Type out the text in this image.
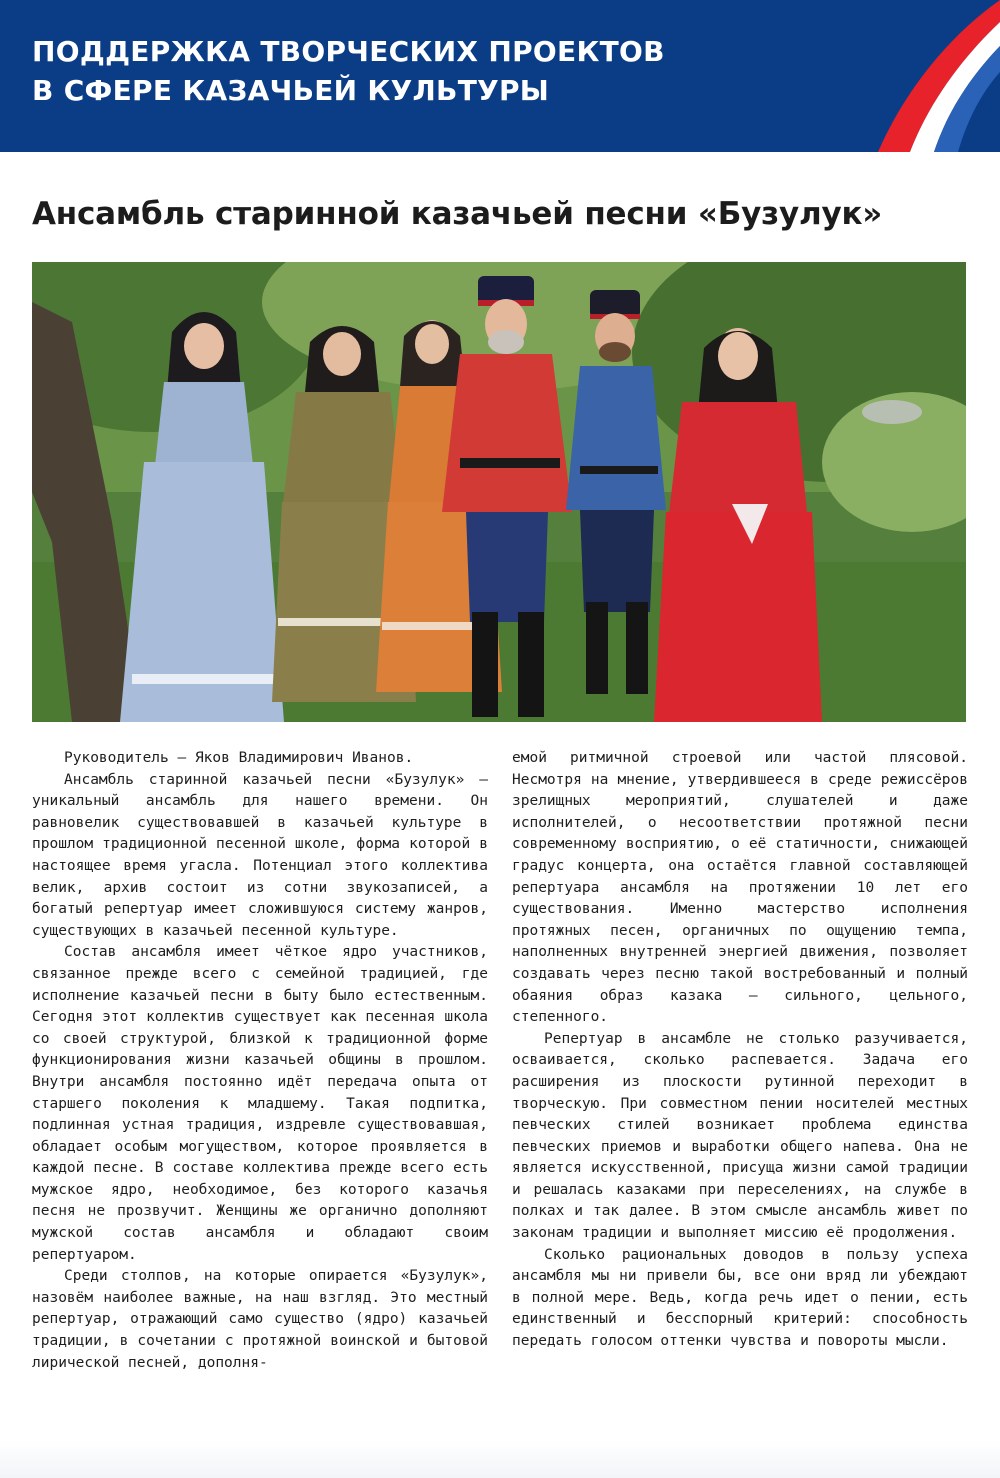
ПОДДЕРЖКА ТВОРЧЕСКИХ ПРОЕКТОВ
В СФЕРЕ КАЗАЧЬЕЙ КУЛЬТУРЫ
Ансамбль старинной казачьей песни «Бузулук»

Руководитель — Яков Владимирович Иванов.

Ансамбль старинной казачьей песни «Бузулук» — уникальный ансамбль для нашего времени. Он равновелик существовавшей в казачьей культуре в прошлом традиционной песенной школе, форма которой в настоящее время угасла. Потенциал этого коллектива велик, архив состоит из сотни звукозаписей, а богатый репертуар имеет сложившуюся систему жанров, существующих в казачьей песенной культуре.

Состав ансамбля имеет чёткое ядро участников, связанное прежде всего с семейной традицией, где исполнение казачьей песни в быту было естественным. Сегодня этот коллектив существует как песенная школа со своей структурой, близкой к традиционной форме функционирования жизни казачьей общины в прошлом. Внутри ансамбля постоянно идёт передача опыта от старшего поколения к младшему. Такая подпитка, подлинная устная традиция, издревле существовавшая, обладает особым могуществом, которое проявляется в каждой песне. В составе коллектива прежде всего есть мужское ядро, необходимое, без которого казачья песня не прозвучит. Женщины же органично дополняют мужской состав ансамбля и обладают своим репертуаром.

Среди столпов, на которые опирается «Бузулук», назовём наиболее важные, на наш взгляд. Это местный репертуар, отражающий само существо (ядро) казачьей традиции, в сочетании с протяжной воинской и бытовой лирической песней, дополня-

емой ритмичной строевой или частой плясовой. Несмотря на мнение, утвердившееся в среде режиссёров зрелищных мероприятий, слушателей и даже исполнителей, о несоответствии протяжной песни современному восприятию, о её статичности, снижающей градус концерта, она остаётся главной составляющей репертуара ансамбля на протяжении 10 лет его существования. Именно мастерство исполнения протяжных песен, органичных по ощущению темпа, наполненных внутренней энергией движения, позволяет создавать через песню такой востребованный и полный обаяния образ казака — сильного, цельного, степенного.

Репертуар в ансамбле не столько разучивается, осваивается, сколько распевается. Задача его расширения из плоскости рутинной переходит в творческую. При совместном пении носителей местных певческих стилей возникает проблема единства певческих приемов и выработки общего напева. Она не является искусственной, присуща жизни самой традиции и решалась казаками при переселениях, на службе в полках и так далее. В этом смысле ансамбль живет по законам традиции и выполняет миссию её продолжения.

Сколько рациональных доводов в пользу успеха ансамбля мы ни привели бы, все они вряд ли убеждают в полной мере. Ведь, когда речь идет о пении, есть единственный и бесспорный критерий: способность передать голосом оттенки чувства и повороты мысли.
